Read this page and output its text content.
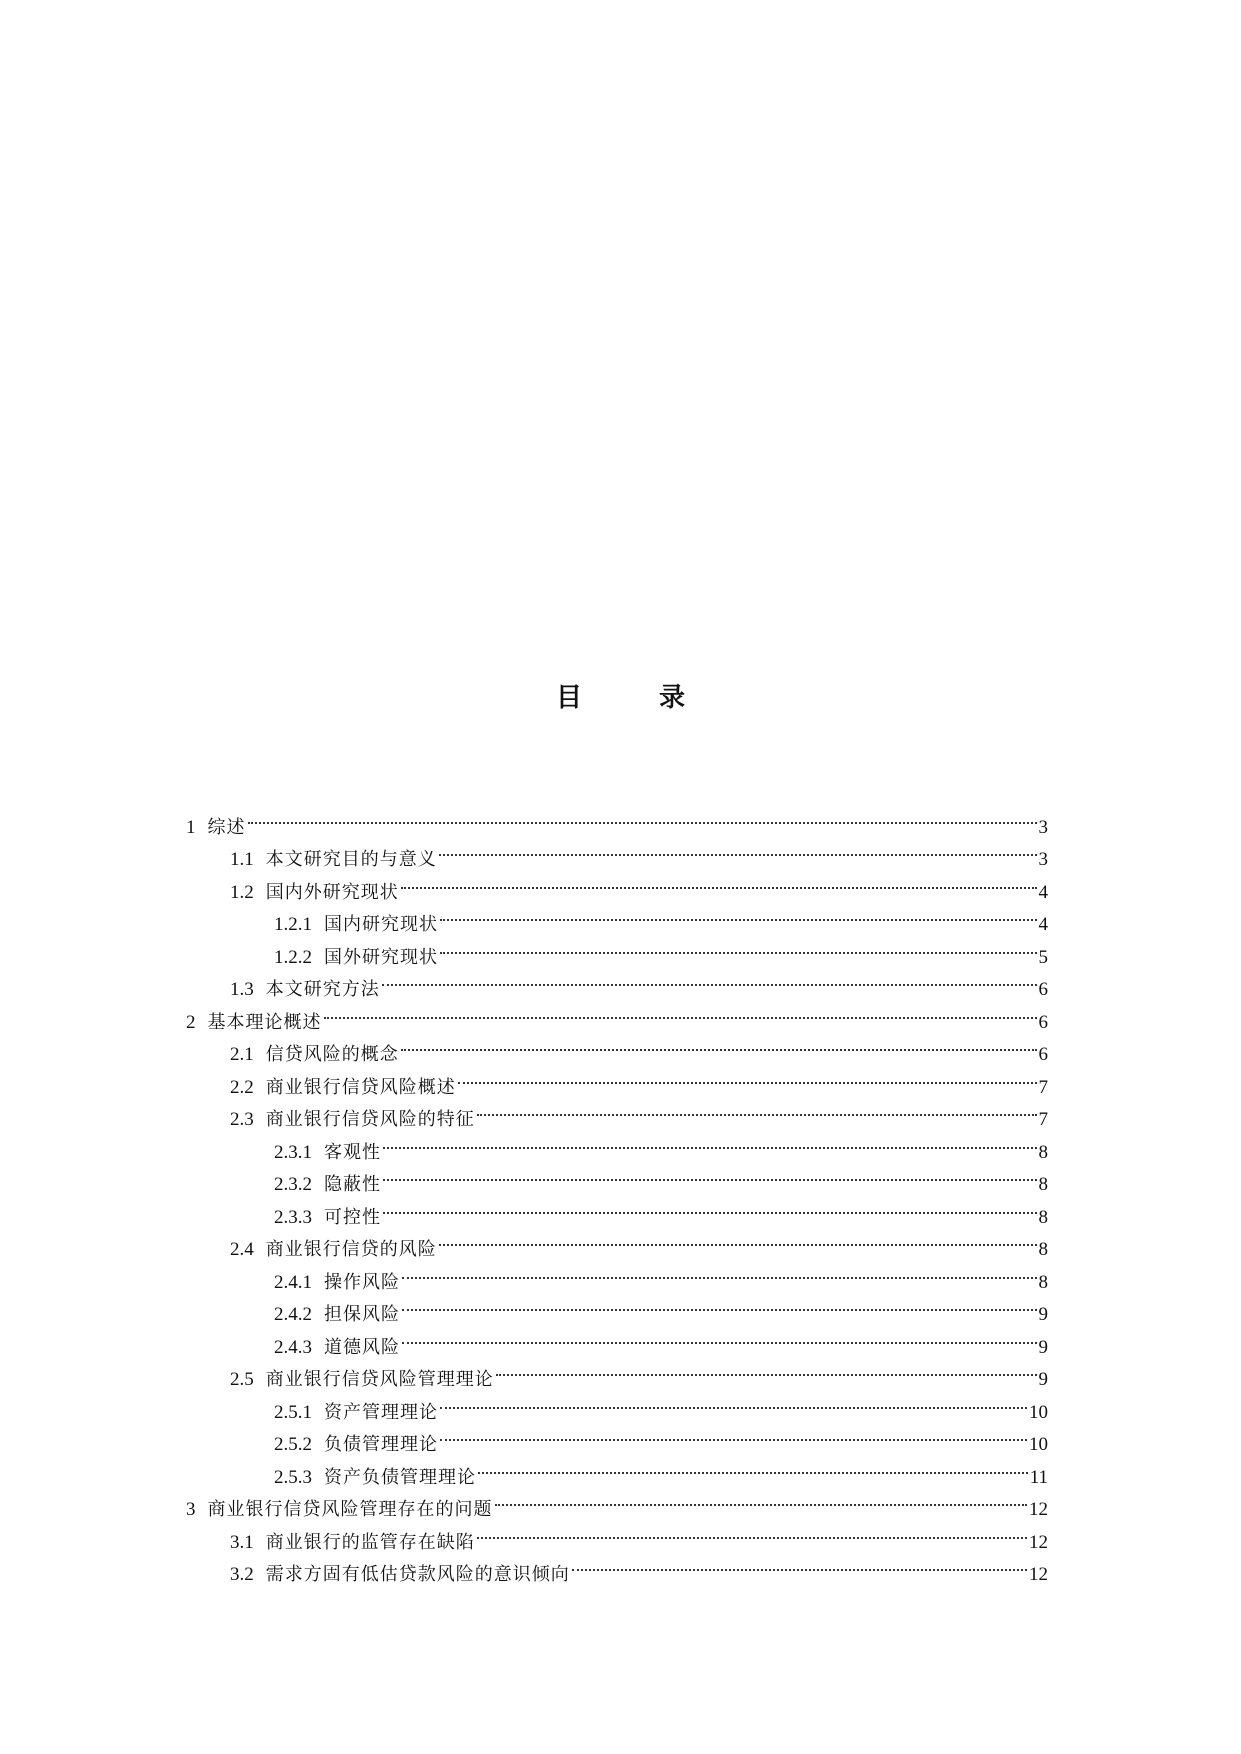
目 录
1 综述	3
1.1 本文研究目的与意义	3
1.2 国内外研究现状	4
1.2.1 国内研究现状	4
1.2.2 国外研究现状	5
1.3 本文研究方法	6
2 基本理论概述	6
2.1 信贷风险的概念	6
2.2 商业银行信贷风险概述	7
2.3 商业银行信贷风险的特征	7
2.3.1 客观性	8
2.3.2 隐蔽性	8
2.3.3 可控性	8
2.4 商业银行信贷的风险	8
2.4.1 操作风险	8
2.4.2 担保风险	9
2.4.3 道德风险	9
2.5 商业银行信贷风险管理理论	9
2.5.1 资产管理理论	10
2.5.2 负债管理理论	10
2.5.3 资产负债管理理论	11
3 商业银行信贷风险管理存在的问题	12
3.1 商业银行的监管存在缺陷	12
3.2 需求方固有低估贷款风险的意识倾向	12
